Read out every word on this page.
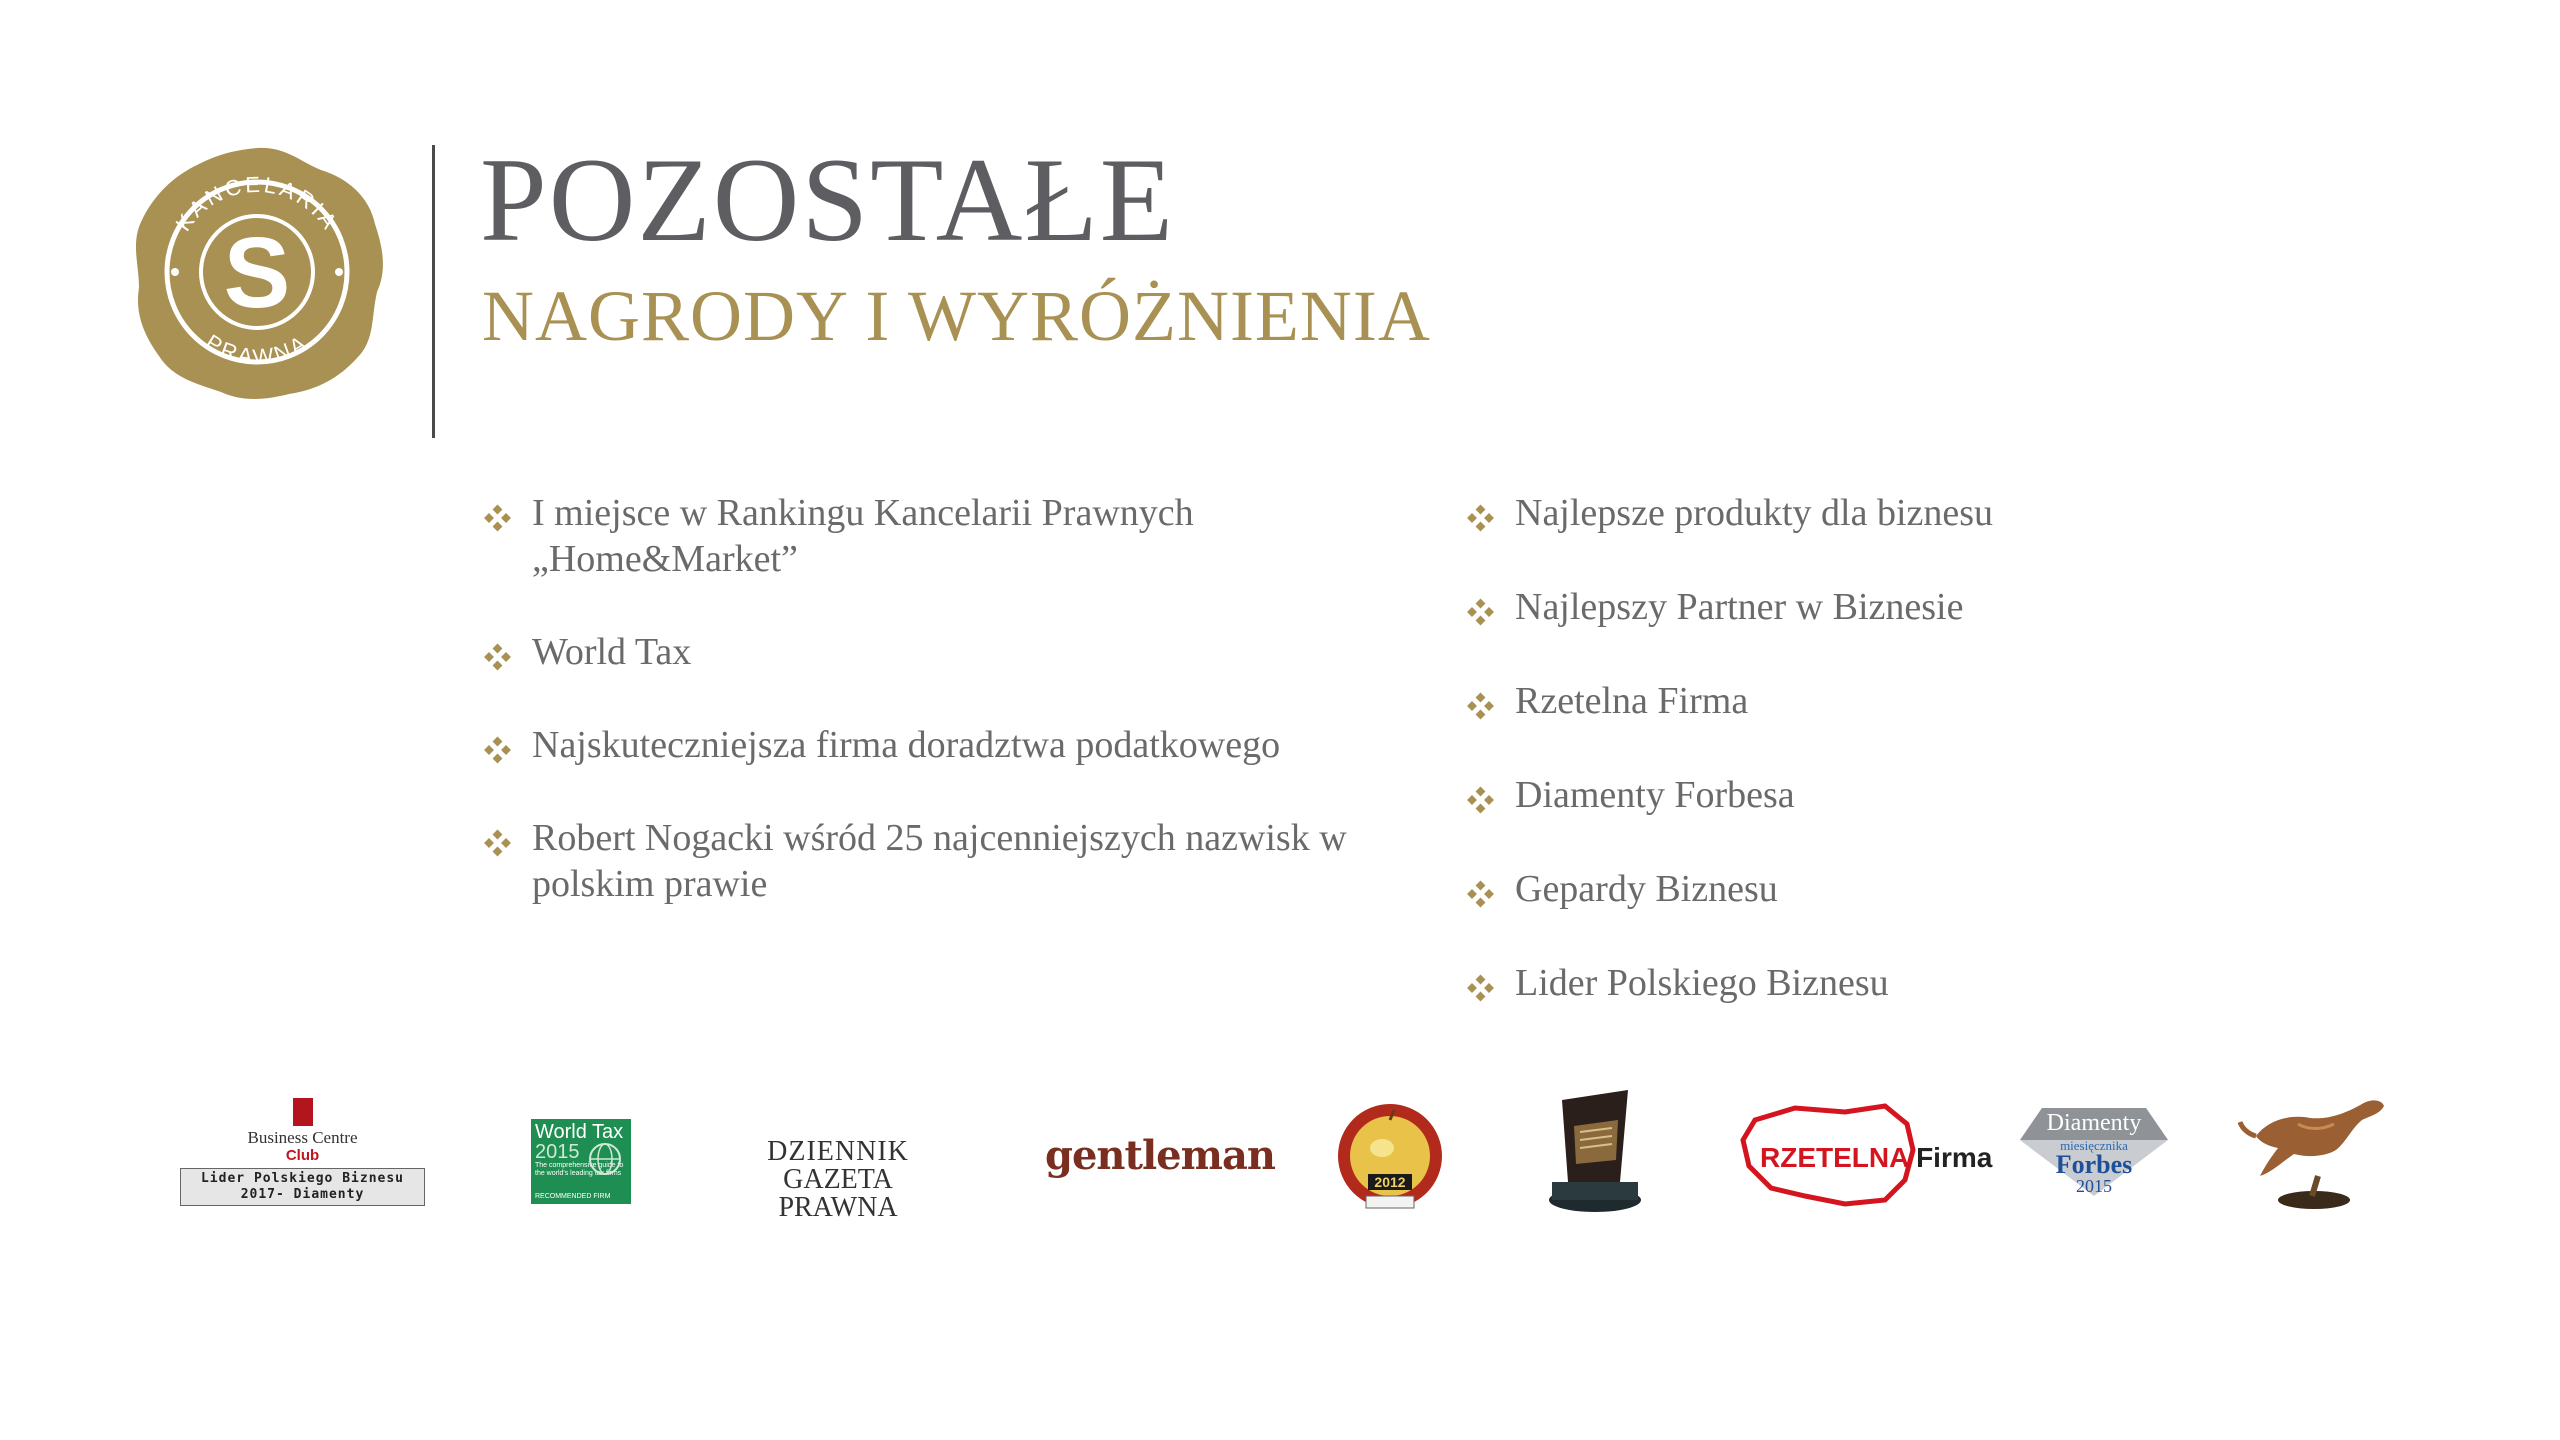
KANCELARIA
PRAWNA
S
POZOSTAŁE
NAGRODY I WYRÓŻNIENIA
I miejsce w Rankingu Kancelarii Prawnych „Home&Market”
World Tax
Najskuteczniejsza firma doradztwa podatkowego
Robert Nogacki wśród 25 najcenniejszych nazwisk w polskim prawie
Najlepsze produkty dla biznesu
Najlepszy Partner w Biznesie
Rzetelna Firma
Diamenty Forbesa
Gepardy Biznesu
Lider Polskiego Biznesu
Business Centre
Club
Lider Polskiego Biznesu 2017- Diamenty
World Tax
2015
The comprehensive guide to the world's leading tax firms
RECOMMENDED FIRM
DZIENNIK
GAZETA PRAWNA
gentleman
2012
RZETELNA Firma
Diamenty
miesięcznika
Forbes
2015
